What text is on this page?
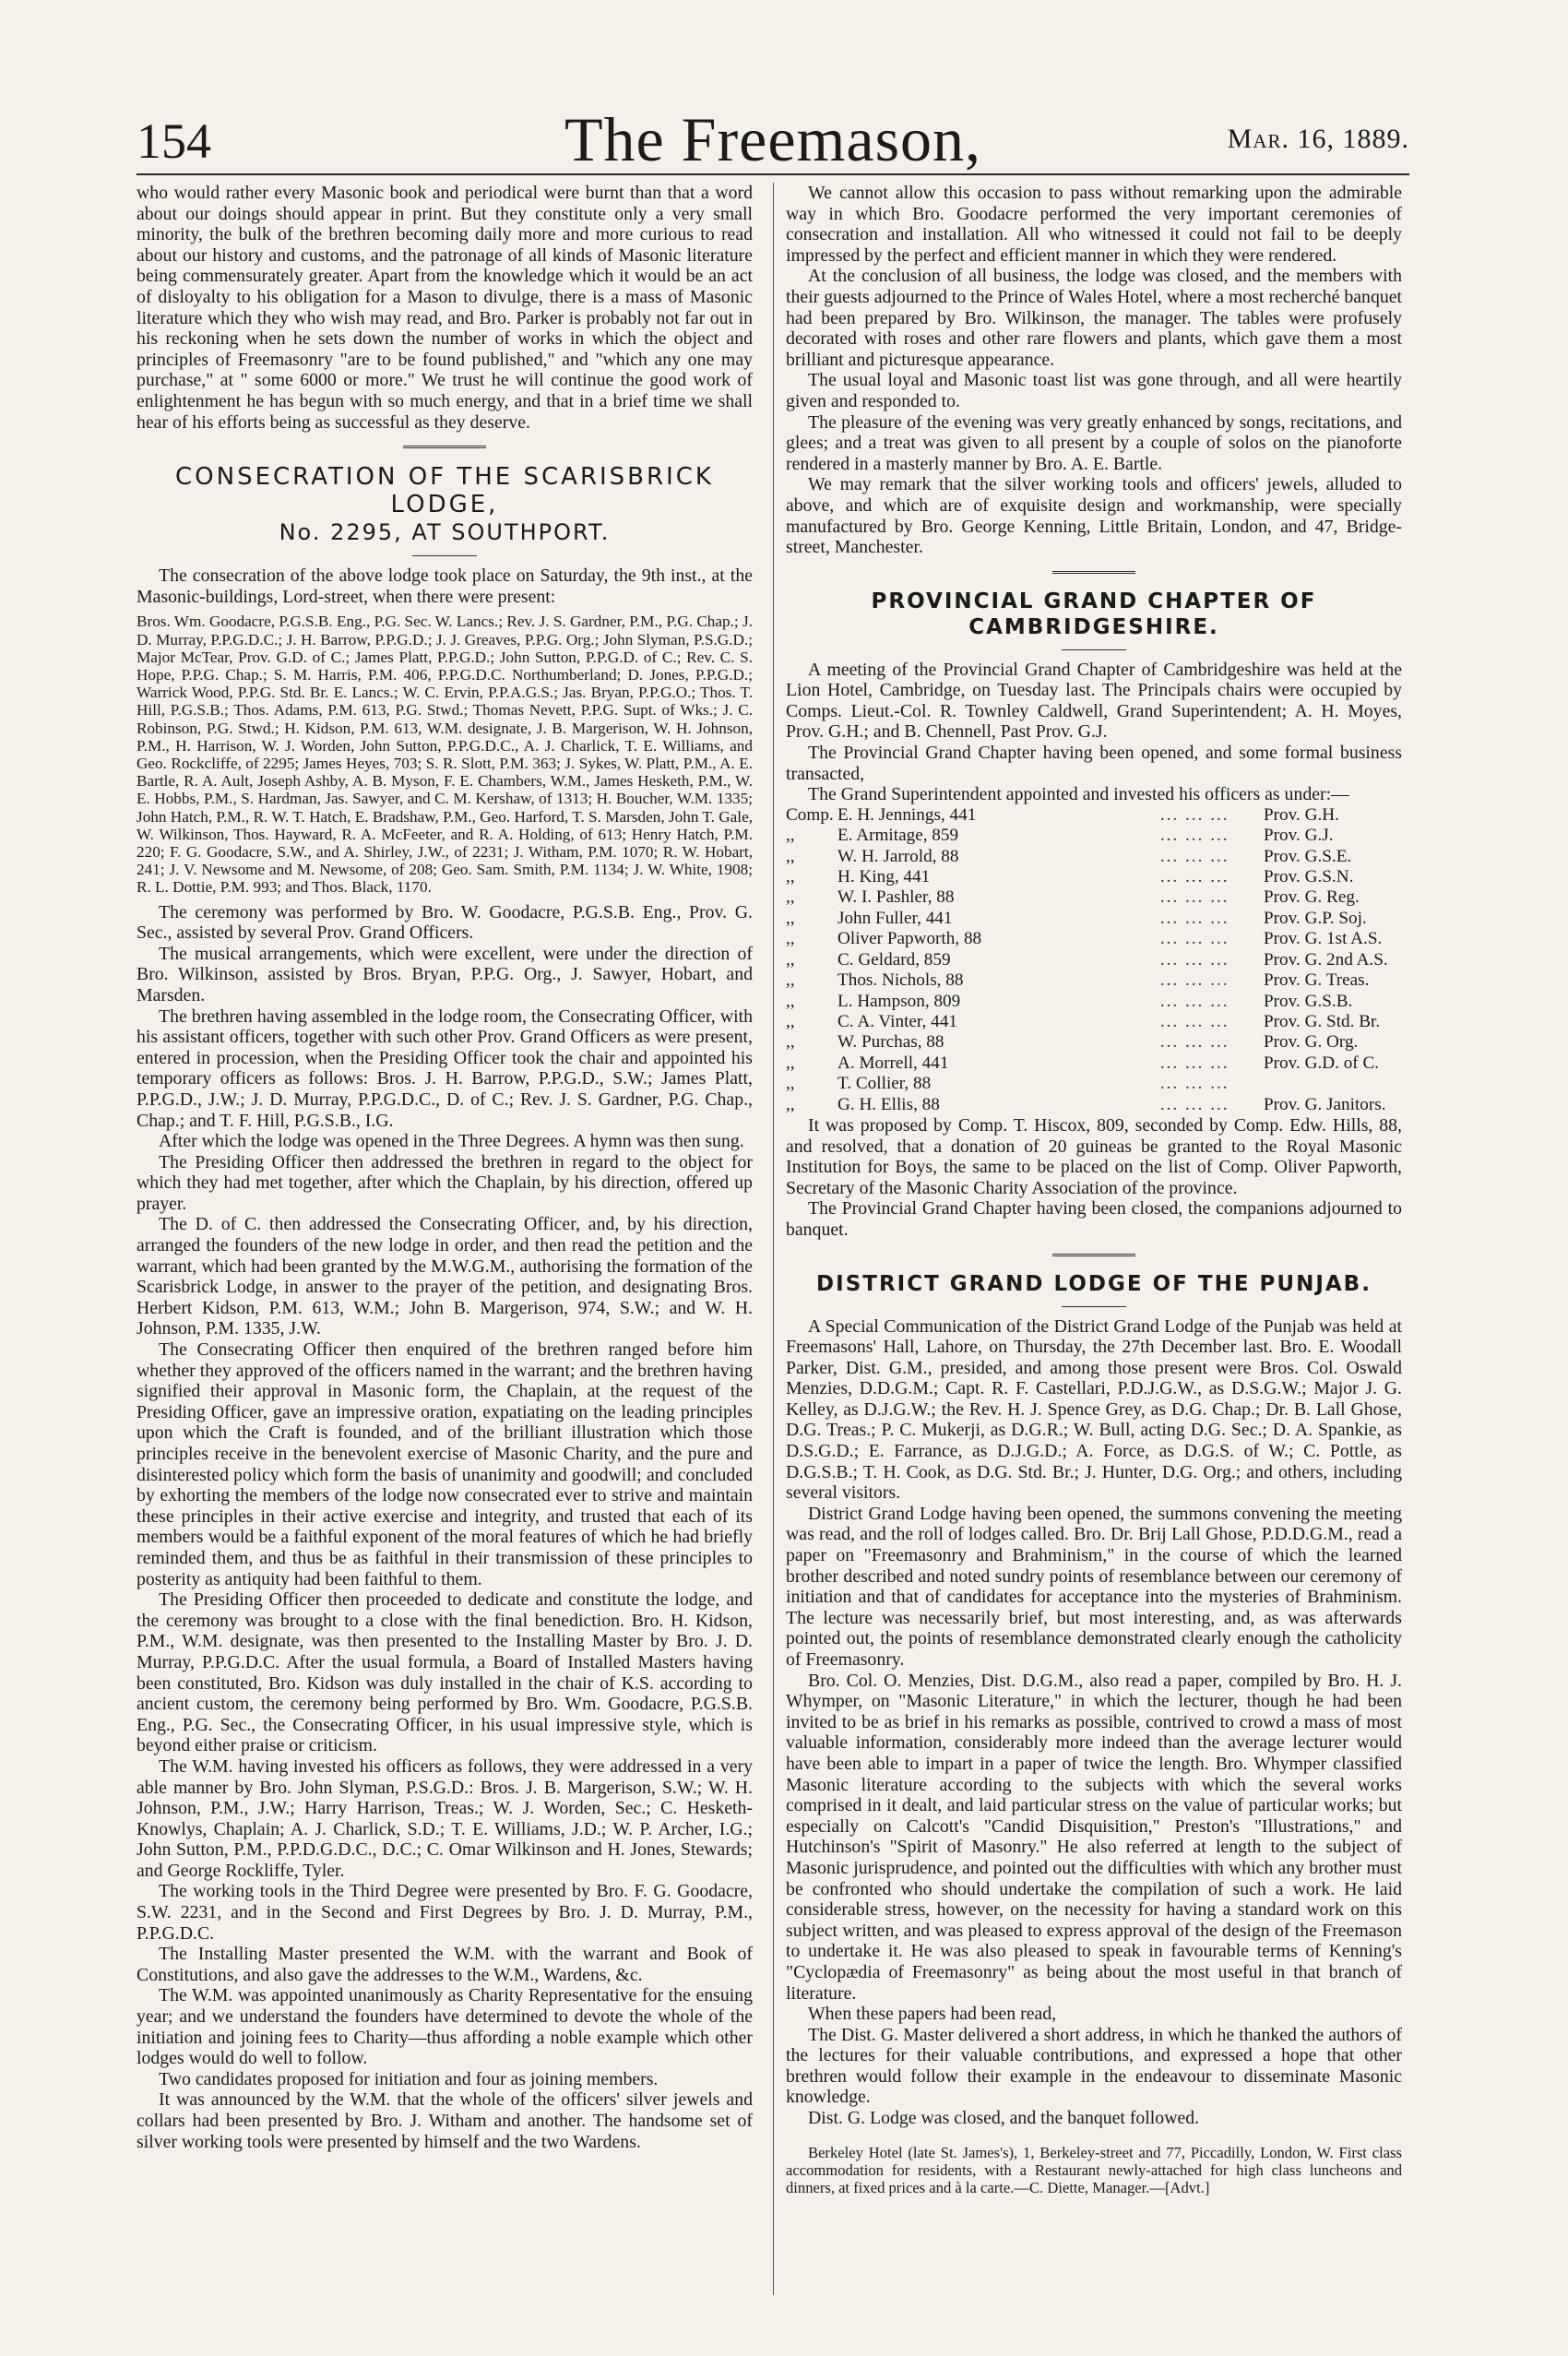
154	The Freemason,	Mar. 16, 1889.

who would rather every Masonic book and periodical were burnt than that a word about our doings should appear in print. But they constitute only a very small minority, the bulk of the brethren becoming daily more and more curious to read about our history and customs, and the patronage of all kinds of Masonic literature being commensurately greater. Apart from the knowledge which it would be an act of disloyalty to his obligation for a Mason to divulge, there is a mass of Masonic literature which they who wish may read, and Bro. Parker is probably not far out in his reckoning when he sets down the number of works in which the object and principles of Freemasonry "are to be found published," and "which any one may purchase," at " some 6000 or more." We trust he will continue the good work of enlightenment he has begun with so much energy, and that in a brief time we shall hear of his efforts being as successful as they deserve.

CONSECRATION OF THE SCARISBRICK LODGE,
No. 2295, AT SOUTHPORT.

The consecration of the above lodge took place on Saturday, the 9th inst., at the Masonic-buildings, Lord-street, when there were present:

Bros. Wm. Goodacre, P.G.S.B. Eng., P.G. Sec. W. Lancs.; Rev. J. S. Gardner, P.M., P.G. Chap.; J. D. Murray, P.P.G.D.C.; J. H. Barrow, P.P.G.D.; J. J. Greaves, P.P.G. Org.; John Slyman, P.S.G.D.; Major McTear, Prov. G.D. of C.; James Platt, P.P.G.D.; John Sutton, P.P.G.D. of C.; Rev. C. S. Hope, P.P.G. Chap.; S. M. Harris, P.M. 406, P.P.G.D.C. Northumberland; D. Jones, P.P.G.D.; Warrick Wood, P.P.G. Std. Br. E. Lancs.; W. C. Ervin, P.P.A.G.S.; Jas. Bryan, P.P.G.O.; Thos. T. Hill, P.G.S.B.; Thos. Adams, P.M. 613, P.G. Stwd.; Thomas Nevett, P.P.G. Supt. of Wks.; J. C. Robinson, P.G. Stwd.; H. Kidson, P.M. 613, W.M. designate, J. B. Margerison, W. H. Johnson, P.M., H. Harrison, W. J. Worden, John Sutton, P.P.G.D.C., A. J. Charlick, T. E. Williams, and Geo. Rockcliffe, of 2295; James Heyes, 703; S. R. Slott, P.M. 363; J. Sykes, W. Platt, P.M., A. E. Bartle, R. A. Ault, Joseph Ashby, A. B. Myson, F. E. Chambers, W.M., James Hesketh, P.M., W. E. Hobbs, P.M., S. Hardman, Jas. Sawyer, and C. M. Kershaw, of 1313; H. Boucher, W.M. 1335; John Hatch, P.M., R. W. T. Hatch, E. Bradshaw, P.M., Geo. Harford, T. S. Marsden, John T. Gale, W. Wilkinson, Thos. Hayward, R. A. McFeeter, and R. A. Holding, of 613; Henry Hatch, P.M. 220; F. G. Goodacre, S.W., and A. Shirley, J.W., of 2231; J. Witham, P.M. 1070; R. W. Hobart, 241; J. V. Newsome and M. Newsome, of 208; Geo. Sam. Smith, P.M. 1134; J. W. White, 1908; R. L. Dottie, P.M. 993; and Thos. Black, 1170.

The ceremony was performed by Bro. W. Goodacre, P.G.S.B. Eng., Prov. G. Sec., assisted by several Prov. Grand Officers.

The musical arrangements, which were excellent, were under the direction of Bro. Wilkinson, assisted by Bros. Bryan, P.P.G. Org., J. Sawyer, Hobart, and Marsden.

The brethren having assembled in the lodge room, the Consecrating Officer, with his assistant officers, together with such other Prov. Grand Officers as were present, entered in procession, when the Presiding Officer took the chair and appointed his temporary officers as follows: Bros. J. H. Barrow, P.P.G.D., S.W.; James Platt, P.P.G.D., J.W.; J. D. Murray, P.P.G.D.C., D. of C.; Rev. J. S. Gardner, P.G. Chap., Chap.; and T. F. Hill, P.G.S.B., I.G.

After which the lodge was opened in the Three Degrees. A hymn was then sung.

The Presiding Officer then addressed the brethren in regard to the object for which they had met together, after which the Chaplain, by his direction, offered up prayer.

The D. of C. then addressed the Consecrating Officer, and, by his direction, arranged the founders of the new lodge in order, and then read the petition and the warrant, which had been granted by the M.W.G.M., authorising the formation of the Scarisbrick Lodge, in answer to the prayer of the petition, and designating Bros. Herbert Kidson, P.M. 613, W.M.; John B. Margerison, 974, S.W.; and W. H. Johnson, P.M. 1335, J.W.

The Consecrating Officer then enquired of the brethren ranged before him whether they approved of the officers named in the warrant; and the brethren having signified their approval in Masonic form, the Chaplain, at the request of the Presiding Officer, gave an impressive oration, expatiating on the leading principles upon which the Craft is founded, and of the brilliant illustration which those principles receive in the benevolent exercise of Masonic Charity, and the pure and disinterested policy which form the basis of unanimity and goodwill; and concluded by exhorting the members of the lodge now consecrated ever to strive and maintain these principles in their active exercise and integrity, and trusted that each of its members would be a faithful exponent of the moral features of which he had briefly reminded them, and thus be as faithful in their transmission of these principles to posterity as antiquity had been faithful to them.

The Presiding Officer then proceeded to dedicate and constitute the lodge, and the ceremony was brought to a close with the final benediction. Bro. H. Kidson, P.M., W.M. designate, was then presented to the Installing Master by Bro. J. D. Murray, P.P.G.D.C. After the usual formula, a Board of Installed Masters having been constituted, Bro. Kidson was duly installed in the chair of K.S. according to ancient custom, the ceremony being performed by Bro. Wm. Goodacre, P.G.S.B. Eng., P.G. Sec., the Consecrating Officer, in his usual impressive style, which is beyond either praise or criticism.

The W.M. having invested his officers as follows, they were addressed in a very able manner by Bro. John Slyman, P.S.G.D.: Bros. J. B. Margerison, S.W.; W. H. Johnson, P.M., J.W.; Harry Harrison, Treas.; W. J. Worden, Sec.; C. Hesketh-Knowlys, Chaplain; A. J. Charlick, S.D.; T. E. Williams, J.D.; W. P. Archer, I.G.; John Sutton, P.M., P.P.D.G.D.C., D.C.; C. Omar Wilkinson and H. Jones, Stewards; and George Rockliffe, Tyler.

The working tools in the Third Degree were presented by Bro. F. G. Goodacre, S.W. 2231, and in the Second and First Degrees by Bro. J. D. Murray, P.M., P.P.G.D.C.

The Installing Master presented the W.M. with the warrant and Book of Constitutions, and also gave the addresses to the W.M., Wardens, &c.

The W.M. was appointed unanimously as Charity Representative for the ensuing year; and we understand the founders have determined to devote the whole of the initiation and joining fees to Charity—thus affording a noble example which other lodges would do well to follow.

Two candidates proposed for initiation and four as joining members.

It was announced by the W.M. that the whole of the officers' silver jewels and collars had been presented by Bro. J. Witham and another. The handsome set of silver working tools were presented by himself and the two Wardens.

We cannot allow this occasion to pass without remarking upon the admirable way in which Bro. Goodacre performed the very important ceremonies of consecration and installation. All who witnessed it could not fail to be deeply impressed by the perfect and efficient manner in which they were rendered.

At the conclusion of all business, the lodge was closed, and the members with their guests adjourned to the Prince of Wales Hotel, where a most recherché banquet had been prepared by Bro. Wilkinson, the manager. The tables were profusely decorated with roses and other rare flowers and plants, which gave them a most brilliant and picturesque appearance.

The usual loyal and Masonic toast list was gone through, and all were heartily given and responded to.

The pleasure of the evening was very greatly enhanced by songs, recitations, and glees; and a treat was given to all present by a couple of solos on the pianoforte rendered in a masterly manner by Bro. A. E. Bartle.

We may remark that the silver working tools and officers' jewels, alluded to above, and which are of exquisite design and workmanship, were specially manufactured by Bro. George Kenning, Little Britain, London, and 47, Bridge-street, Manchester.

PROVINCIAL GRAND CHAPTER OF
CAMBRIDGESHIRE.

A meeting of the Provincial Grand Chapter of Cambridgeshire was held at the Lion Hotel, Cambridge, on Tuesday last. The Principals chairs were occupied by Comps. Lieut.-Col. R. Townley Caldwell, Grand Superintendent; A. H. Moyes, Prov. G.H.; and B. Chennell, Past Prov. G.J.

The Provincial Grand Chapter having been opened, and some formal business transacted,

The Grand Superintendent appointed and invested his officers as under:—

Comp.	E. H. Jennings, 441	... ... ...	Prov. G.H.
,,	E. Armitage, 859	... ... ...	Prov. G.J.
,,	W. H. Jarrold, 88	... ... ...	Prov. G.S.E.
,,	H. King, 441	... ... ...	Prov. G.S.N.
,,	W. I. Pashler, 88	... ... ...	Prov. G. Reg.
,,	John Fuller, 441	... ... ...	Prov. G.P. Soj.
,,	Oliver Papworth, 88	... ... ...	Prov. G. 1st A.S.
,,	C. Geldard, 859	... ... ...	Prov. G. 2nd A.S.
,,	Thos. Nichols, 88	... ... ...	Prov. G. Treas.
,,	L. Hampson, 809	... ... ...	Prov. G.S.B.
,,	C. A. Vinter, 441	... ... ...	Prov. G. Std. Br.
,,	W. Purchas, 88	... ... ...	Prov. G. Org.
,,	A. Morrell, 441	... ... ...	Prov. G.D. of C.
,,	T. Collier, 88	... ... ...	
,,	G. H. Ellis, 88	... ... ...	Prov. G. Janitors.

It was proposed by Comp. T. Hiscox, 809, seconded by Comp. Edw. Hills, 88, and resolved, that a donation of 20 guineas be granted to the Royal Masonic Institution for Boys, the same to be placed on the list of Comp. Oliver Papworth, Secretary of the Masonic Charity Association of the province.

The Provincial Grand Chapter having been closed, the companions adjourned to banquet.

DISTRICT GRAND LODGE OF THE PUNJAB.

A Special Communication of the District Grand Lodge of the Punjab was held at Freemasons' Hall, Lahore, on Thursday, the 27th December last. Bro. E. Woodall Parker, Dist. G.M., presided, and among those present were Bros. Col. Oswald Menzies, D.D.G.M.; Capt. R. F. Castellari, P.D.J.G.W., as D.S.G.W.; Major J. G. Kelley, as D.J.G.W.; the Rev. H. J. Spence Grey, as D.G. Chap.; Dr. B. Lall Ghose, D.G. Treas.; P. C. Mukerji, as D.G.R.; W. Bull, acting D.G. Sec.; D. A. Spankie, as D.S.G.D.; E. Farrance, as D.J.G.D.; A. Force, as D.G.S. of W.; C. Pottle, as D.G.S.B.; T. H. Cook, as D.G. Std. Br.; J. Hunter, D.G. Org.; and others, including several visitors.

District Grand Lodge having been opened, the summons convening the meeting was read, and the roll of lodges called. Bro. Dr. Brij Lall Ghose, P.D.D.G.M., read a paper on "Freemasonry and Brahminism," in the course of which the learned brother described and noted sundry points of resemblance between our ceremony of initiation and that of candidates for acceptance into the mysteries of Brahminism. The lecture was necessarily brief, but most interesting, and, as was afterwards pointed out, the points of resemblance demonstrated clearly enough the catholicity of Freemasonry.

Bro. Col. O. Menzies, Dist. D.G.M., also read a paper, compiled by Bro. H. J. Whymper, on "Masonic Literature," in which the lecturer, though he had been invited to be as brief in his remarks as possible, contrived to crowd a mass of most valuable information, considerably more indeed than the average lecturer would have been able to impart in a paper of twice the length. Bro. Whymper classified Masonic literature according to the subjects with which the several works comprised in it dealt, and laid particular stress on the value of particular works; but especially on Calcott's "Candid Disquisition," Preston's "Illustrations," and Hutchinson's "Spirit of Masonry." He also referred at length to the subject of Masonic jurisprudence, and pointed out the difficulties with which any brother must be confronted who should undertake the compilation of such a work. He laid considerable stress, however, on the necessity for having a standard work on this subject written, and was pleased to express approval of the design of the Freemason to undertake it. He was also pleased to speak in favourable terms of Kenning's "Cyclopædia of Freemasonry" as being about the most useful in that branch of literature.

When these papers had been read,

The Dist. G. Master delivered a short address, in which he thanked the authors of the lectures for their valuable contributions, and expressed a hope that other brethren would follow their example in the endeavour to disseminate Masonic knowledge.

Dist. G. Lodge was closed, and the banquet followed.

Berkeley Hotel (late St. James's), 1, Berkeley-street and 77, Piccadilly, London, W. First class accommodation for residents, with a Restaurant newly-attached for high class luncheons and dinners, at fixed prices and à la carte.—C. Diette, Manager.—[Advt.]
